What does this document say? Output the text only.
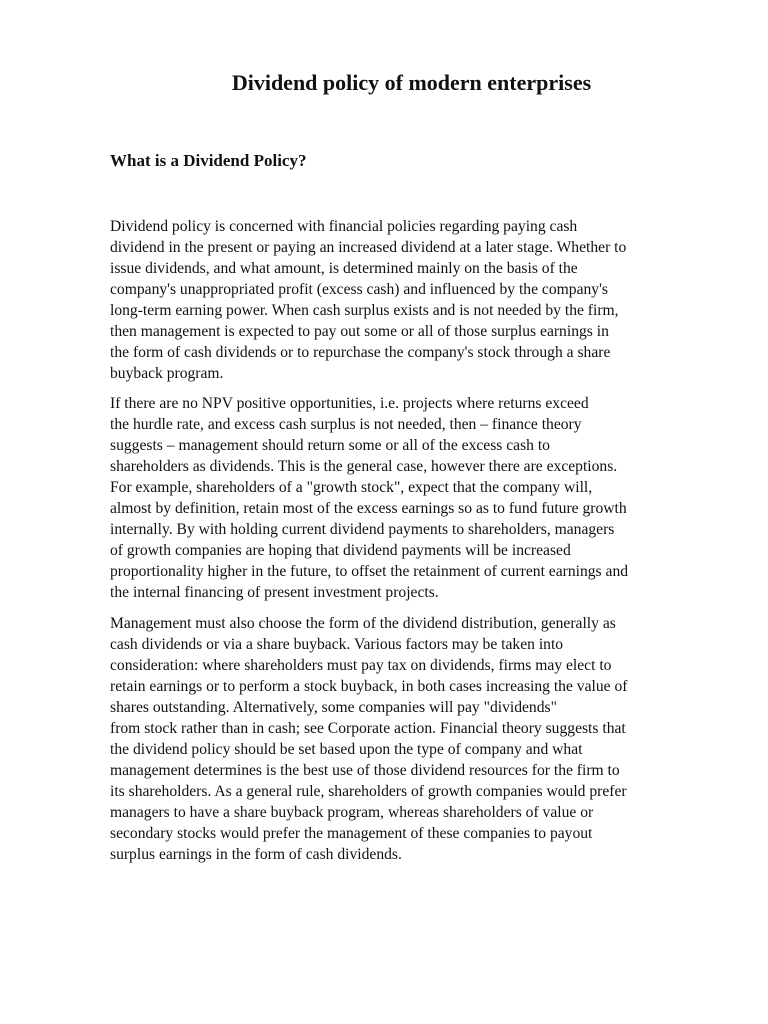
Dividend policy of modern enterprises
What is a Dividend Policy?

Dividend policy is concerned with financial policies regarding paying cash

dividend in the present or paying an increased dividend at a later stage. Whether to

issue dividends, and what amount, is determined mainly on the basis of the

company's unappropriated profit (excess cash) and influenced by the company's

long-term earning power. When cash surplus exists and is not needed by the firm,

then management is expected to pay out some or all of those surplus earnings in

the form of cash dividends or to repurchase the company's stock through a share

buyback program.

If there are no NPV positive opportunities, i.e. projects where returns exceed

the hurdle rate, and excess cash surplus is not needed, then – finance theory

suggests – management should return some or all of the excess cash to

shareholders as dividends. This is the general case, however there are exceptions.

For example, shareholders of a "growth stock", expect that the company will,

almost by definition, retain most of the excess earnings so as to fund future growth

internally. By with holding current dividend payments to shareholders, managers

of growth companies are hoping that dividend payments will be increased

proportionality higher in the future, to offset the retainment of current earnings and

the internal financing of present investment projects.

Management must also choose the form of the dividend distribution, generally as

cash dividends or via a share buyback. Various factors may be taken into

consideration: where shareholders must pay tax on dividends, firms may elect to

retain earnings or to perform a stock buyback, in both cases increasing the value of

shares outstanding. Alternatively, some companies will pay "dividends"

from stock rather than in cash; see Corporate action. Financial theory suggests that

the dividend policy should be set based upon the type of company and what

management determines is the best use of those dividend resources for the firm to

its shareholders. As a general rule, shareholders of growth companies would prefer

managers to have a share buyback program, whereas shareholders of value or

secondary stocks would prefer the management of these companies to payout

surplus earnings in the form of cash dividends.
